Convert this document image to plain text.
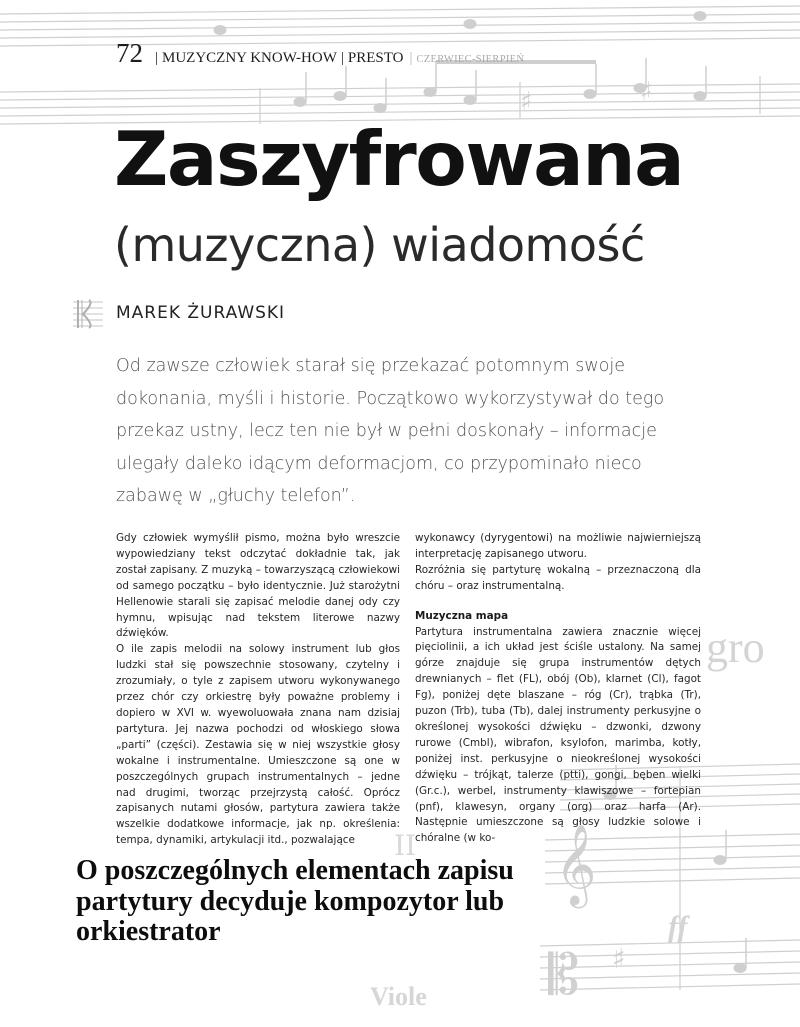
𝄞
𝄡 ♯
♯
♯
II
gro
ff
Viole
72 | MUZYCZNY KNOW-HOW | PRESTO | CZERWIEC-SIERPIEŃ
Zaszyfrowana
(muzyczna) wiadomość
MAREK ŻURAWSKI

Od zawsze człowiek starał się przekazać potomnym swoje dokonania, myśli i historie. Początkowo wykorzystywał do tego przekaz ustny, lecz ten nie był w pełni doskonały – informacje ulegały daleko idącym deformacjom, co przypominało nieco zabawę w „głuchy telefon”.

Gdy człowiek wymyślił pismo, można było wreszcie wypowiedziany tekst odczytać dokładnie tak, jak został zapisany. Z muzyką – towarzyszącą człowiekowi od samego początku – było identycznie. Już starożytni Hellenowie starali się zapisać melodie danej ody czy hymnu, wpisując nad tekstem literowe nazwy dźwięków.

O ile zapis melodii na solowy instrument lub głos ludzki stał się powszechnie stosowany, czytelny i zrozumiały, o tyle z zapisem utworu wykonywanego przez chór czy orkiestrę były poważne problemy i dopiero w XVI w. wyewoluowała znana nam dzisiaj partytura. Jej nazwa pochodzi od włoskiego słowa „parti” (części). Zestawia się w niej wszystkie głosy wokalne i instrumentalne. Umieszczone są one w poszczególnych grupach instrumentalnych – jedne nad drugimi, tworząc przejrzystą całość. Oprócz zapisanych nutami głosów, partytura zawiera także wszelkie dodatkowe informacje, jak np. określenia: tempa, dynamiki, artykulacji itd., pozwalające

wykonawcy (dyrygentowi) na możliwie najwierniejszą interpretację zapisanego utworu.

Rozróżnia się partyturę wokalną – przeznaczoną dla chóru – oraz instrumentalną.

Muzyczna mapa

Partytura instrumentalna zawiera znacznie więcej pięciolinii, a ich układ jest ściśle ustalony. Na samej górze znajduje się grupa instrumentów dętych drewnianych – flet (FL), obój (Ob), klarnet (Cl), fagot Fg), poniżej dęte blaszane – róg (Cr), trąbka (Tr), puzon (Trb), tuba (Tb), dalej instrumenty perkusyjne o określonej wysokości dźwięku – dzwonki, dzwony rurowe (Cmbl), wibrafon, ksylofon, marimba, kotły, poniżej inst. perkusyjne o nieokreślonej wysokości dźwięku – trójkąt, talerze (ptti), gongi, bęben wielki (Gr.c.), werbel, instrumenty klawiszowe – fortepian (pnf), klawesyn, organy (org) oraz harfa (Ar). Następnie umieszczone są głosy ludzkie solowe i chóralne (w ko-

O poszczególnych elementach zapisu partytury decyduje kompozytor lub orkiestrator
